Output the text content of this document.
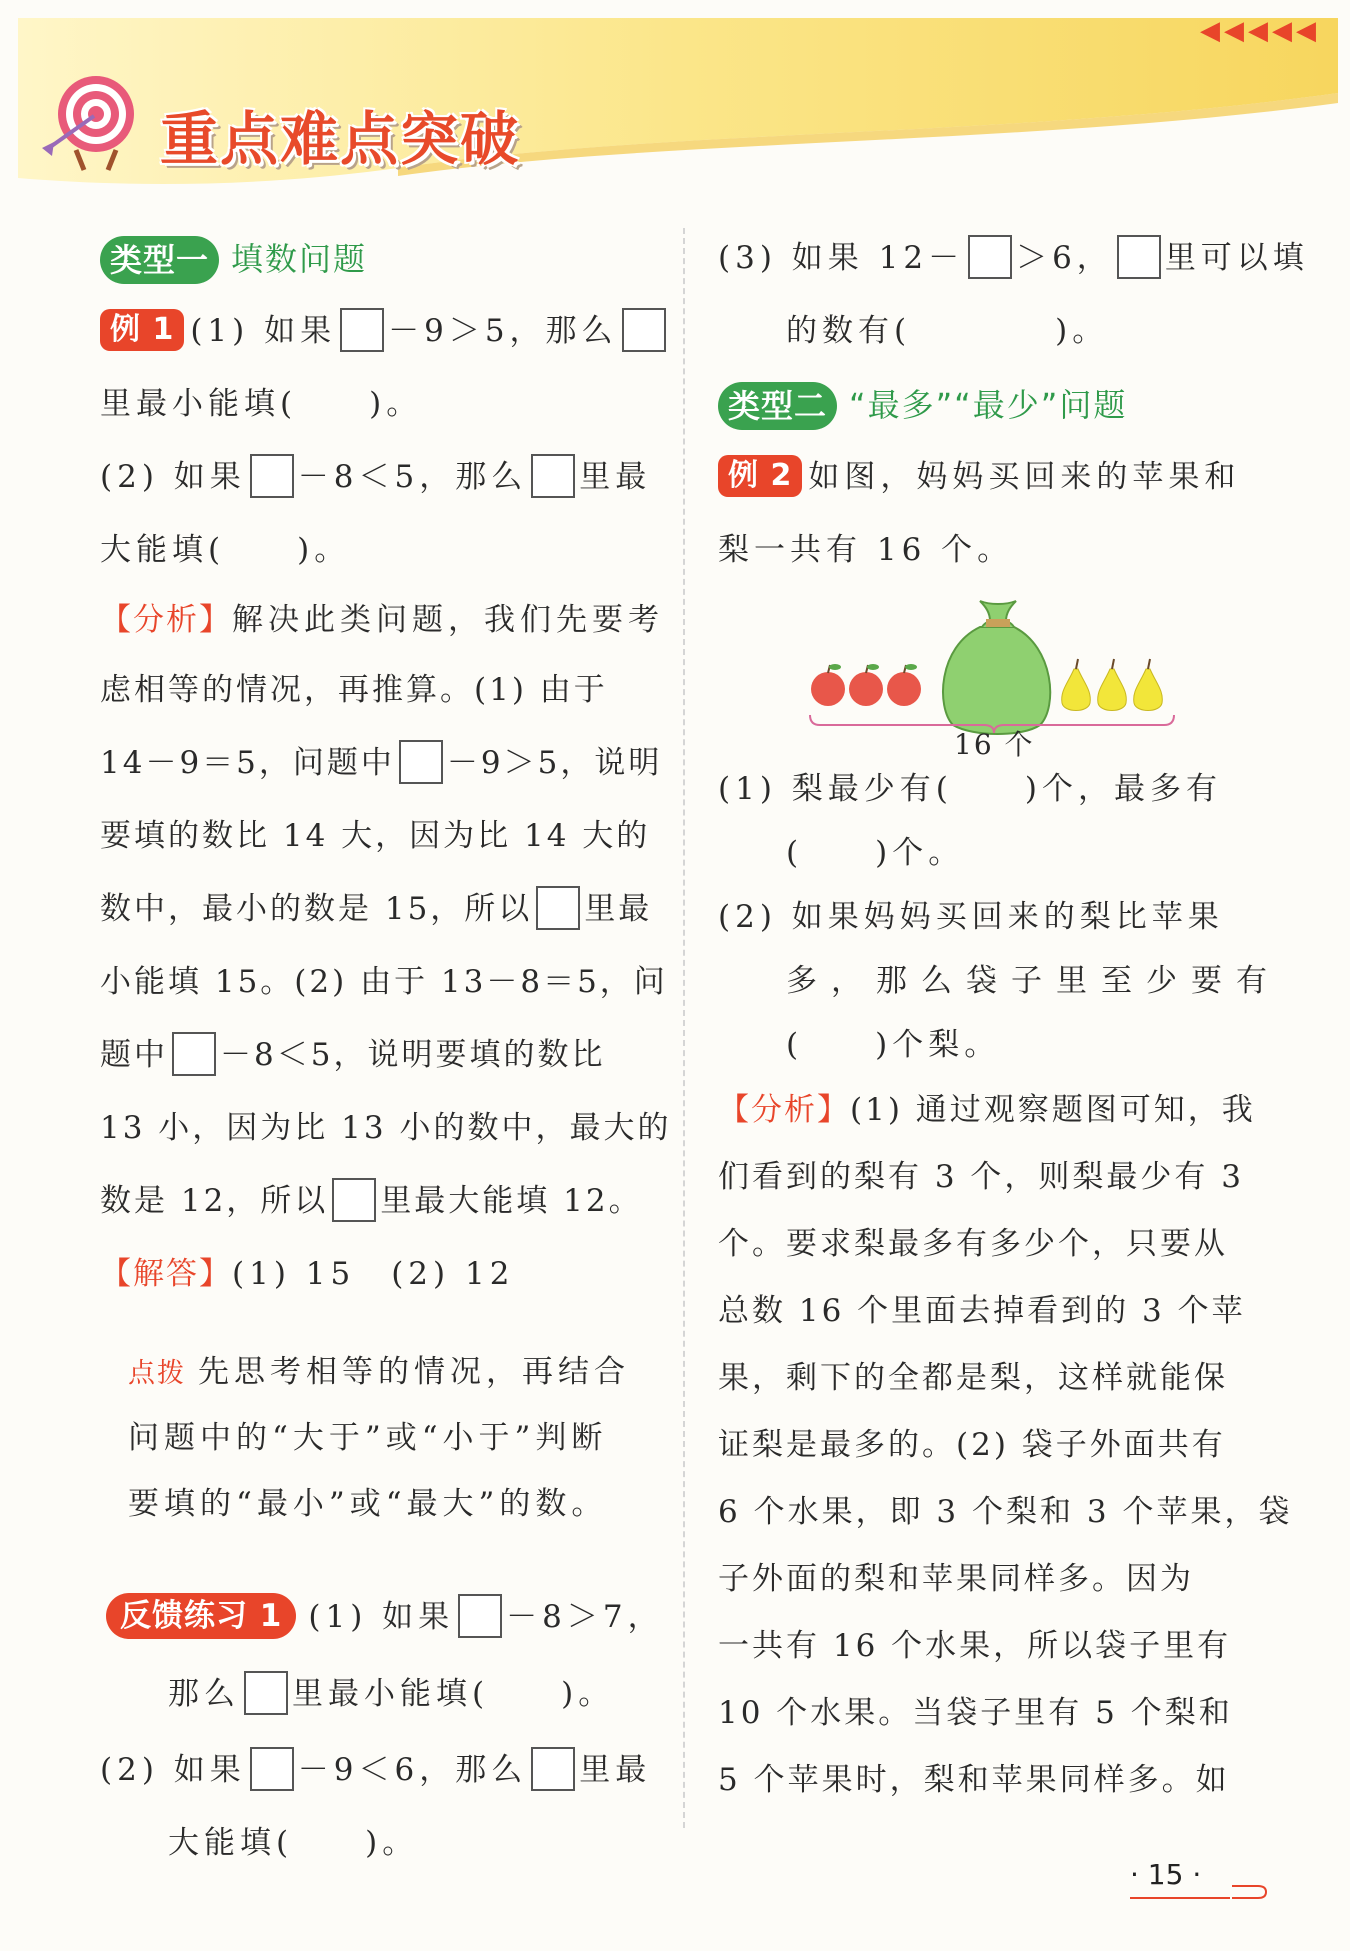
重点难点突破
◀◀◀◀◀
类型一 填数问题
例 1 (1) 如果 －9＞5，那么
里最小能填(　　)。
(2) 如果 －8＜5，那么 里最
大能填(　　)。
【分析】解决此类问题，我们先要考
虑相等的情况，再推算。(1) 由于
14－9＝5，问题中 －9＞5，说明
要填的数比 14 大，因为比 14 大的
数中，最小的数是 15，所以 里最
小能填 15。(2) 由于 13－8＝5，问
题中 －8＜5，说明要填的数比
13 小，因为比 13 小的数中，最大的
数是 12，所以 里最大能填 12。
【解答】(1) 15　(2) 12
点拨 先思考相等的情况，再结合
问题中的“大于”或“小于”判断
要填的“最小”或“最大”的数。
反馈练习 1 (1) 如果 －8＞7，
那么 里最小能填(　　)。
(2) 如果 －9＜6，那么 里最
大能填(　　)。
(3) 如果 12－ ＞6， 里可以填
的数有(　　　　)。
类型二 “最多”“最少”问题
例 2 如图，妈妈买回来的苹果和
梨一共有 16 个。
16 个
(1) 梨最少有(　　)个，最多有
(　　)个。
(2) 如果妈妈买回来的梨比苹果
多，那么袋子里至少要有
(　　)个梨。
【分析】(1) 通过观察题图可知，我
们看到的梨有 3 个，则梨最少有 3
个。要求梨最多有多少个，只要从
总数 16 个里面去掉看到的 3 个苹
果，剩下的全都是梨，这样就能保
证梨是最多的。(2) 袋子外面共有
6 个水果，即 3 个梨和 3 个苹果，袋
子外面的梨和苹果同样多。因为
一共有 16 个水果，所以袋子里有
10 个水果。当袋子里有 5 个梨和
5 个苹果时，梨和苹果同样多。如
· 15 ·
